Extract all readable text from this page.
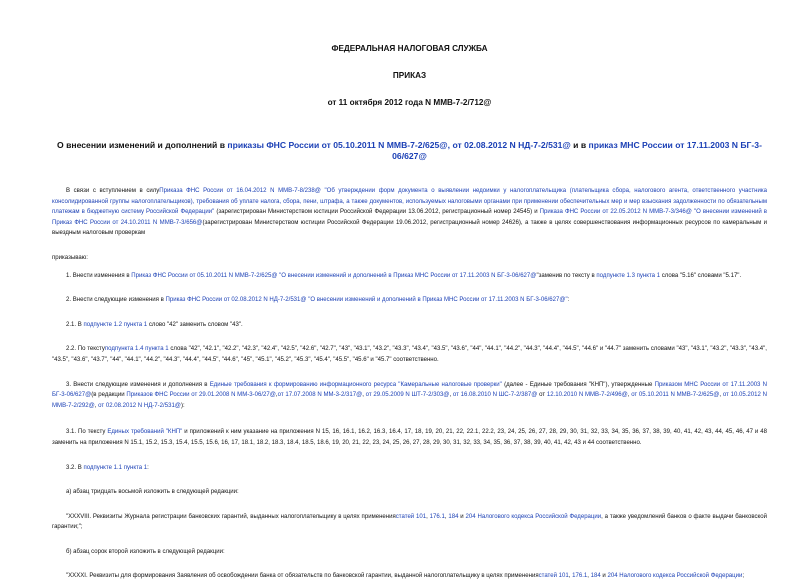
ФЕДЕРАЛЬНАЯ НАЛОГОВАЯ СЛУЖБА
ПРИКАЗ
от 11 октября 2012 года N ММВ-7-2/712@
О внесении изменений и дополнений в приказы ФНС России от 05.10.2011 N ММВ-7-2/625@, от 02.08.2012 N НД-7-2/531@ и в приказ МНС России от 17.11.2003 N БГ-3-06/627@

В связи с вступлением в силуПриказа ФНС России от 16.04.2012 N ММВ-7-8/238@ "Об утверждении форм документа о выявлении недоимки у налогоплательщика (плательщика сбора, налогового агента, ответственного участника консолидированной группы налогоплательщиков), требования об уплате налога, сбора, пени, штрафа, а также документов, используемых налоговыми органами при применении обеспечительных мер и мер взыскания задолженности по обязательным платежам в бюджетную систему Российской Федерации" (зарегистрирован Министерством юстиции Российской Федерации 13.06.2012, регистрационный номер 24545) и Приказа ФНС России от 22.05.2012 N ММВ-7-3/346@ "О внесении изменений в Приказ ФНС России от 24.10.2011 N ММВ-7-3/656@(зарегистрирован Министерством юстиции Российской Федерации 19.06.2012, регистрационный номер 24626), а также в целях совершенствования информационных ресурсов по камеральным и выездным налоговым проверкам

приказываю:

1. Внести изменения в Приказ ФНС России от 05.10.2011 N ММВ-7-2/625@ "О внесении изменений и дополнений в Приказ МНС России от 17.11.2003 N БГ-3-06/627@"заменив по тексту в подпункте 1.3 пункта 1 слова "5.16" словами "5.17".

2. Внести следующие изменения в Приказ ФНС России от 02.08.2012 N НД-7-2/531@ "О внесении изменений и дополнений в Приказ МНС России от 17.11.2003 N БГ-3-06/627@":

2.1. В подпункте 1.2 пункта 1 слово "42" заменить словом "43".

2.2. По текступодпункта 1.4 пункта 1 слова "42", "42.1", "42.2", "42.3", "42.4", "42.5", "42.6", "42.7", "43", "43.1", "43.2", "43.3", "43.4", "43.5", "43.6", "44", "44.1", "44.2", "44.3", "44.4", "44.5", "44.6" и "44.7" заменить словами "43", "43.1", "43.2", "43.3", "43.4", "43.5", "43.6", "43.7", "44", "44.1", "44.2", "44.3", "44.4", "44.5", "44.6", "45", "45.1", "45.2", "45.3", "45.4", "45.5", "45.6" и "45.7" соответственно.

3. Внести следующие изменения и дополнения в Единые требования к формированию информационного ресурса "Камеральные налоговые проверки" (далее - Единые требования "КНП"), утвержденные Приказом МНС России от 17.11.2003 N БГ-3-06/627@(в редакции Приказов ФНС России от 29.01.2008 N ММ-3-06/27@,от 17.07.2008 N ММ-3-2/317@, от 29.05.2009 N ШТ-7-2/303@, от 16.08.2010 N ШС-7-2/387@ от 12.10.2010 N ММВ-7-2/496@, от 05.10.2011 N ММВ-7-2/625@, от 10.05.2012 N ММВ-7-2/292@, от 02.08.2012 N НД-7-2/531@):

3.1. По тексту Единых требований "КНП" и приложений к ним указание на приложения N 15, 16, 16.1, 16.2, 16.3, 16.4, 17, 18, 19, 20, 21, 22, 22.1, 22.2, 23, 24, 25, 26, 27, 28, 29, 30, 31, 32, 33, 34, 35, 36, 37, 38, 39, 40, 41, 42, 43, 44, 45, 46, 47 и 48 заменить на приложения N 15.1, 15.2, 15.3, 15.4, 15.5, 15.6, 16, 17, 18.1, 18.2, 18.3, 18.4, 18.5, 18.6, 19, 20, 21, 22, 23, 24, 25, 26, 27, 28, 29, 30, 31, 32, 33, 34, 35, 36, 37, 38, 39, 40, 41, 42, 43 и 44 соответственно.

3.2. В подпункте 1.1 пункта 1:

а) абзац тридцать восьмой изложить в следующей редакции:

"XXXVIII. Реквизиты Журнала регистрации банковских гарантий, выданных налогоплательщику в целях применениястатей 101, 176.1, 184 и 204 Налогового кодекса Российской Федерации, а также уведомлений банков о факте выдачи банковской гарантии;";

б) абзац сорок второй изложить в следующей редакции:

"XXXXI. Реквизиты для формирования Заявления об освобождении банка от обязательств по банковской гарантии, выданной налогоплательщику в целях применениястатей 101, 176.1, 184 и 204 Налогового кодекса Российской Федерации;
